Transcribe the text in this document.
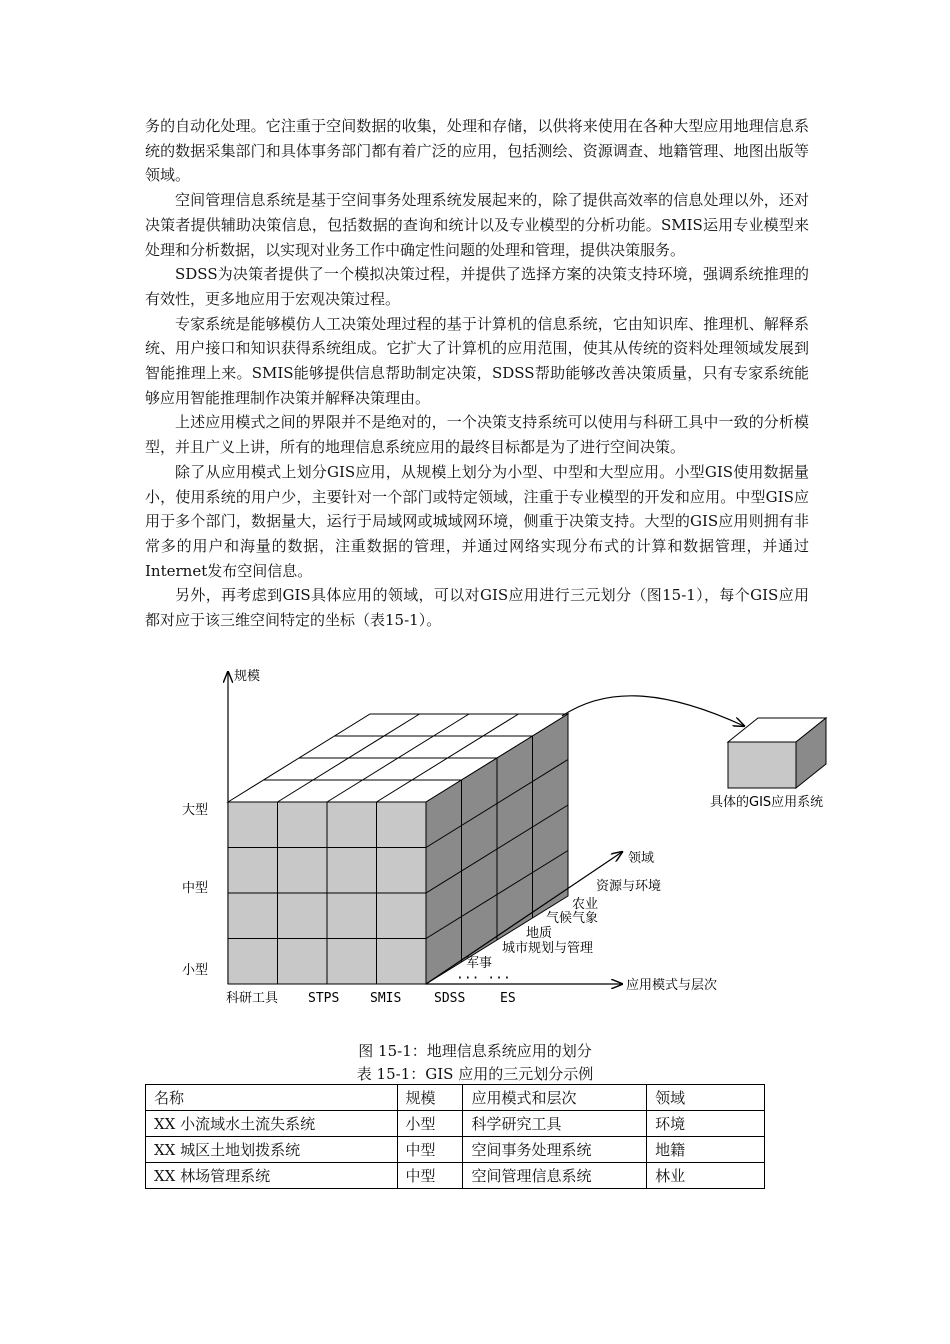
务的自动化处理。它注重于空间数据的收集，处理和存储，以供将来使用在各种大型应用地理信息系统的数据采集部门和具体事务部门都有着广泛的应用，包括测绘、资源调查、地籍管理、地图出版等领域。

空间管理信息系统是基于空间事务处理系统发展起来的，除了提供高效率的信息处理以外，还对决策者提供辅助决策信息，包括数据的查询和统计以及专业模型的分析功能。SMIS运用专业模型来处理和分析数据，以实现对业务工作中确定性问题的处理和管理，提供决策服务。

SDSS为决策者提供了一个模拟决策过程，并提供了选择方案的决策支持环境，强调系统推理的有效性，更多地应用于宏观决策过程。

专家系统是能够模仿人工决策处理过程的基于计算机的信息系统，它由知识库、推理机、解释系统、用户接口和知识获得系统组成。它扩大了计算机的应用范围，使其从传统的资料处理领域发展到智能推理上来。SMIS能够提供信息帮助制定决策，SDSS帮助能够改善决策质量，只有专家系统能够应用智能推理制作决策并解释决策理由。

上述应用模式之间的界限并不是绝对的，一个决策支持系统可以使用与科研工具中一致的分析模型，并且广义上讲，所有的地理信息系统应用的最终目标都是为了进行空间决策。

除了从应用模式上划分GIS应用，从规模上划分为小型、中型和大型应用。小型GIS使用数据量小，使用系统的用户少，主要针对一个部门或特定领域，注重于专业模型的开发和应用。中型GIS应用于多个部门，数据量大，运行于局域网或城域网环境，侧重于决策支持。大型的GIS应用则拥有非常多的用户和海量的数据，注重数据的管理，并通过网络实现分布式的计算和数据管理，并通过Internet发布空间信息。

另外，再考虑到GIS具体应用的领域，可以对GIS应用进行三元划分（图15-1），每个GIS应用都对应于该三维空间特定的坐标（表15-1）。

规模
大型
中型
小型
应用模式与层次
科研工具 STPS SMIS	SDSS	ES
··· ···
领域
资源与环境
农业
气候气象
地质
城市规划与管理
军事
具体的GIS应用系统
图 15-1：地理信息系统应用的划分
表 15-1：GIS 应用的三元划分示例
名称	规模	应用模式和层次	领域
XX 小流域水土流失系统	小型	科学研究工具	环境
XX 城区土地划拨系统	中型	空间事务处理系统	地籍
XX 林场管理系统	中型	空间管理信息系统	林业
